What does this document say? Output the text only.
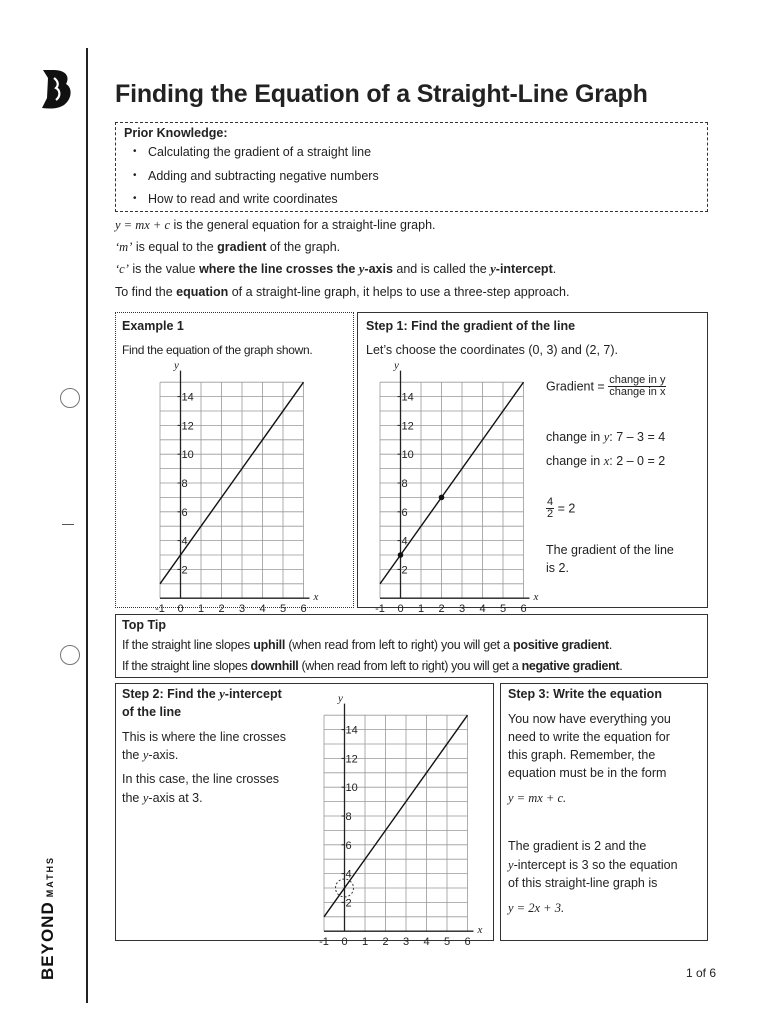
BEYONDMATHS
Finding the Equation of a Straight-Line Graph
Prior Knowledge:
• Calculating the gradient of a straight line
• Adding and subtracting negative numbers
• How to read and write coordinates
y = mx + c is the general equation for a straight-line graph.
‘m’ is equal to the gradient of the graph.
‘c’ is the value where the line crosses the y-axis and is called the y-intercept.
To find the equation of a straight-line graph, it helps to use a three-step approach.
Example 1
Find the equation of the graph shown.
y
x
-1 0 1 2 3 4 5 6
2
4
6
8
10
12
14
Step 1: Find the gradient of the line
Let’s choose the coordinates (0, 3) and (2, 7).
y
x
-1 0 1 2 3 4 5 6
2
4
6
8
10
12
14
Gradient = $\frac{\text{change in y}}{\text{change in x}}$
change in y: 7 – 3 = 4
change in x: 2 – 0 = 2
$\frac{4}{2} = 2$
The gradient of the line
is 2.
Top Tip
If the straight line slopes uphill (when read from left to right) you will get a positive gradient.
If the straight line slopes downhill (when read from left to right) you will get a negative gradient.
Step 2: Find the y-intercept
of the line
This is where the line crosses
the y-axis.
In this case, the line crosses
the y-axis at 3.
y
x
-1 0 1 2 3 4 5 6
2
4
6
8
10
12
14
Step 3: Write the equation
You now have everything you
need to write the equation for
this graph. Remember, the
equation must be in the form
y = mx + c.
The gradient is 2 and the
y-intercept is 3 so the equation
of this straight-line graph is
y = 2x + 3.
1 of 6
